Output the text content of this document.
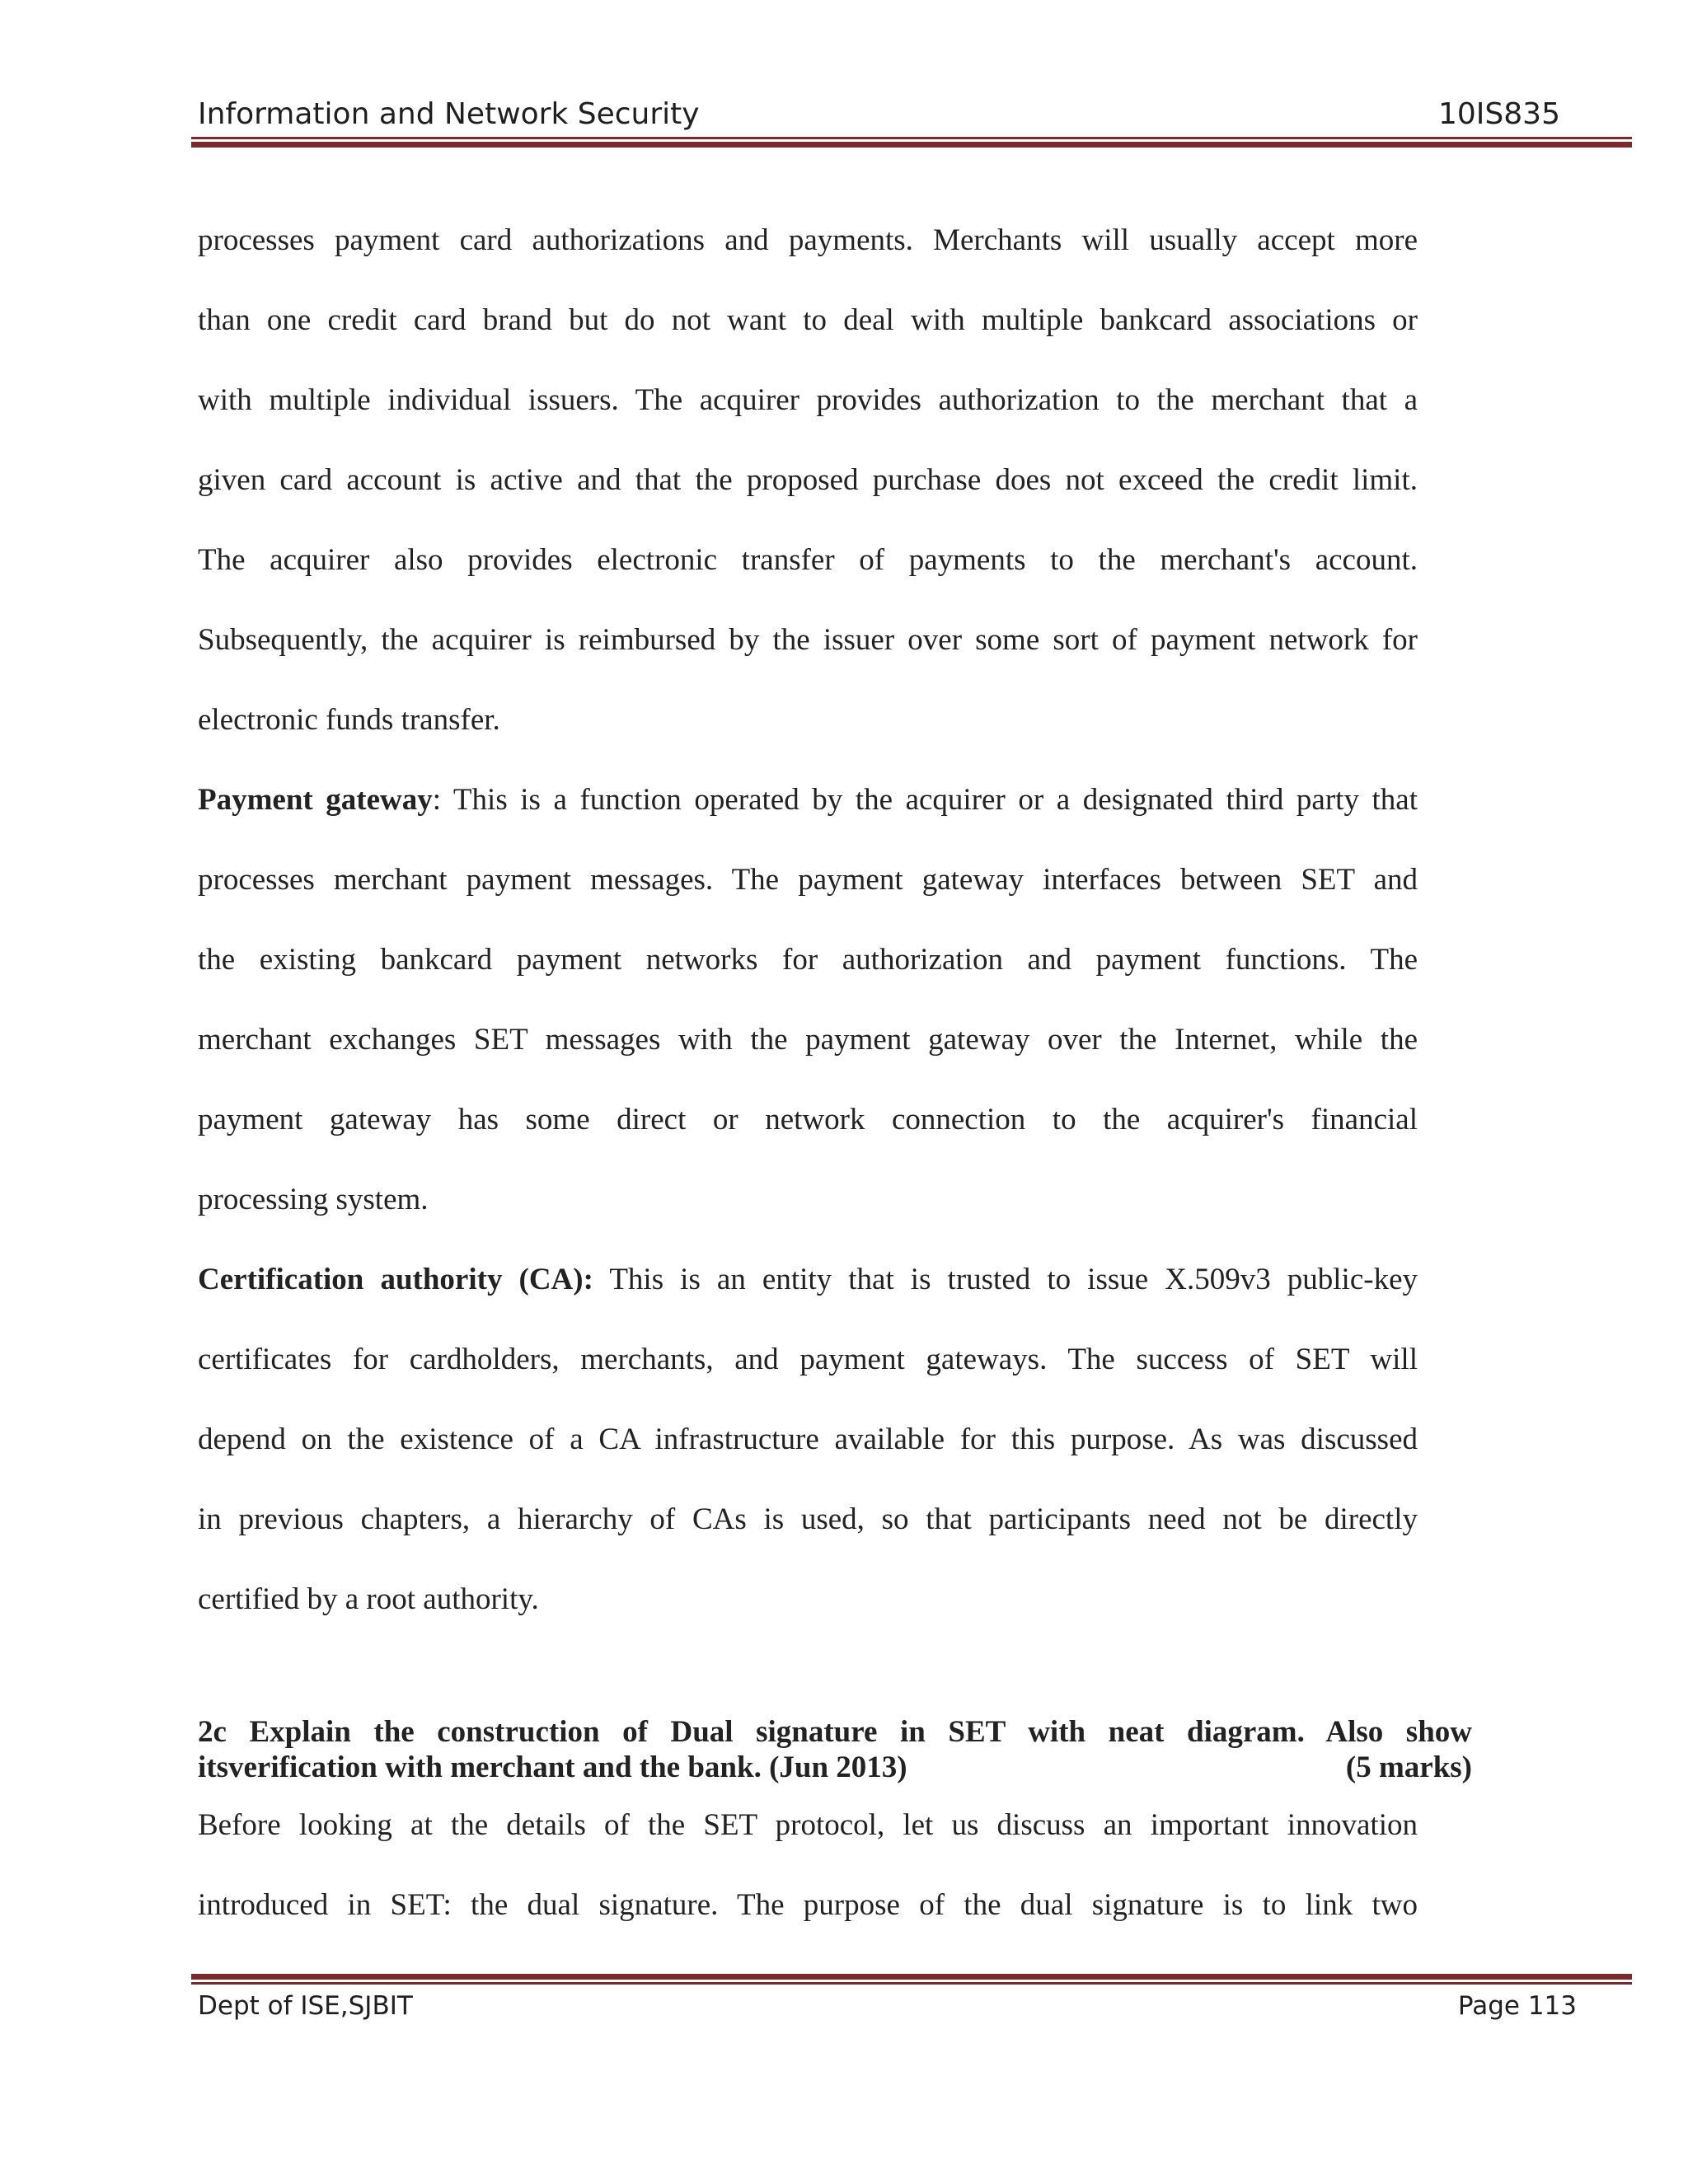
Information and Network Security	10IS835
processes payment card authorizations and payments. Merchants will usually accept more
than one credit card brand but do not want to deal with multiple bankcard associations or
with multiple individual issuers. The acquirer provides authorization to the merchant that a
given card account is active and that the proposed purchase does not exceed the credit limit.
The acquirer also provides electronic transfer of payments to the merchant's account.
Subsequently, the acquirer is reimbursed by the issuer over some sort of payment network for
electronic funds transfer.
Payment gateway: This is a function operated by the acquirer or a designated third party that
processes merchant payment messages. The payment gateway interfaces between SET and
the existing bankcard payment networks for authorization and payment functions. The
merchant exchanges SET messages with the payment gateway over the Internet, while the
payment gateway has some direct or network connection to the acquirer's financial
processing system.
Certification authority (CA): This is an entity that is trusted to issue X.509v3 public-key
certificates for cardholders, merchants, and payment gateways. The success of SET will
depend on the existence of a CA infrastructure available for this purpose. As was discussed
in previous chapters, a hierarchy of CAs is used, so that participants need not be directly
certified by a root authority.
2c Explain the construction of Dual signature in SET with neat diagram. Also show
itsverification with merchant and the bank. (Jun 2013)	(5 marks)
Before looking at the details of the SET protocol, let us discuss an important innovation
introduced in SET: the dual signature. The purpose of the dual signature is to link two
Dept of ISE,SJBIT	Page 113
